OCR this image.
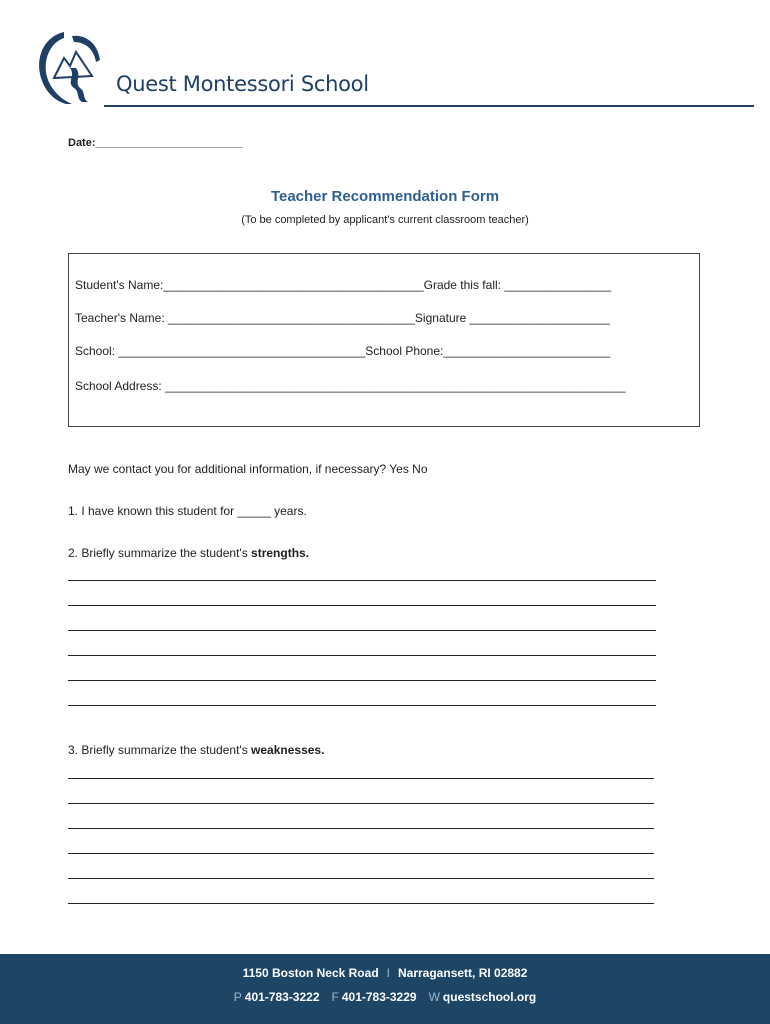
Quest Montessori School
Date:________________________
Teacher Recommendation Form
(To be completed by applicant's current classroom teacher)
Student's Name:_______________________________________Grade this fall: ________________
Teacher's Name: _____________________________________Signature _____________________
School: _____________________________________School Phone:_________________________
School Address: _____________________________________________________________________
May we contact you for additional information, if necessary? Yes No
1. I have known this student for _____ years.
2. Briefly summarize the student's strengths.
3. Briefly summarize the student's weaknesses.
1150 Boston Neck Road I Narragansett, RI 02882
P 401-783-3222 F 401-783-3229 W questschool.org
